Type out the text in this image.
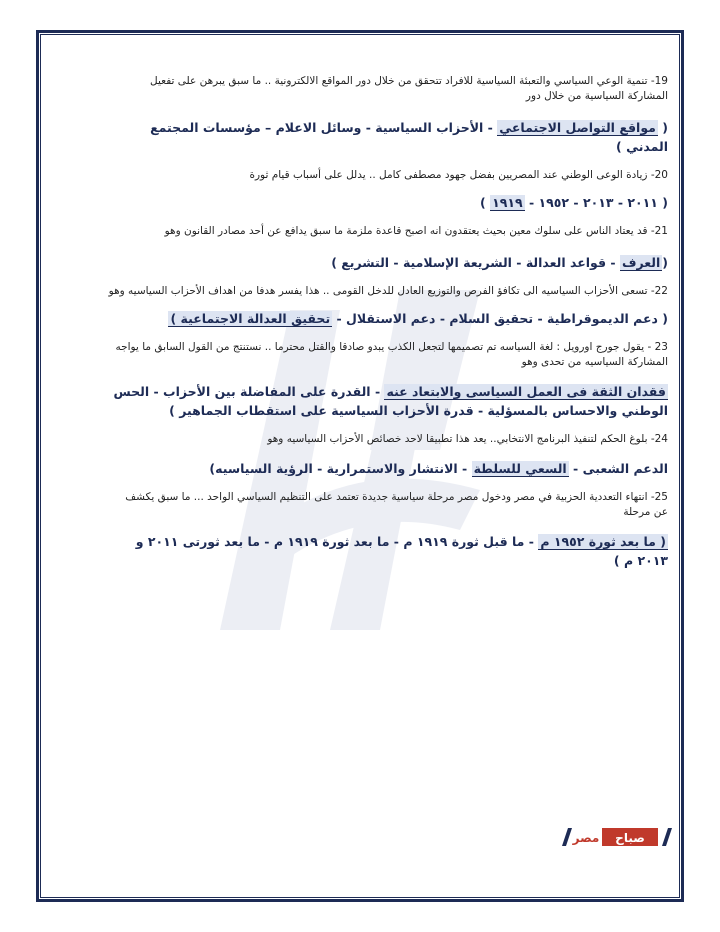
19- تنمية الوعي السياسي والتعبئة السياسية للافراد تتحقق من خلال دور المواقع الالكترونية .. ما سبق يبرهن على تفعيل المشاركة السياسية من خلال دور

( مواقع التواصل الاجتماعي - الأحزاب السياسية - وسائل الاعلام – مؤسسات المجتمع المدني )

20- زيادة الوعى الوطني عند المصريين بفضل جهود مصطفى كامل .. يدلل على أسباب قيام ثورة

( ٢٠١١ - ٢٠١٣ - ١٩٥٢ - ١٩١٩ )

21- قد يعتاد الناس على سلوك معين بحيث يعتقدون انه اصبح قاعدة ملزمة ما سبق يدافع عن أحد مصادر القانون وهو

(العرف - قواعد العدالة - الشريعة الإسلامية - التشريع )

22- تسعى الأحزاب السياسيه الى تكافؤ الفرص والتوزيع العادل للدخل القومى .. هذا يفسر هدفا من اهداف الأحزاب السياسيه وهو

( دعم الديموقراطية - تحقيق السلام - دعم الاستقلال - تحقيق العدالة الاجتماعية )

23 - يقول جورج اورويل : لغة السياسه تم تصميمها لتجعل الكذب يبدو صادقا والقتل محترما .. نستنتج من القول السابق ما يواجه المشاركة السياسيه من تحدى وهو

فقدان الثقة فى العمل السياسى والابتعاد عنه - القدرة على المفاضلة بين الأحزاب - الحس الوطني والاحساس بالمسؤلية - قدرة الأحزاب السياسية على استقطاب الجماهير )

24- بلوغ الحكم لتنفيذ البرنامج الانتخابي.. يعد هذا تطبيقا لاحد خصائص الأحزاب السياسيه وهو

الدعم الشعبى - السعي للسلطة - الانتشار والاستمرارية - الرؤية السياسيه)

25- انتهاء التعددية الحزبية في مصر ودخول مصر مرحلة سياسية جديدة تعتمد على التنظيم السياسي الواحد ... ما سبق يكشف عن مرحلة

( ما بعد ثورة ١٩٥٢ م - ما قبل ثورة ١٩١٩ م - ما بعد ثورة ١٩١٩ م - ما بعد ثورتى ٢٠١١ و ٢٠١٣ م )

صباح
مصر
